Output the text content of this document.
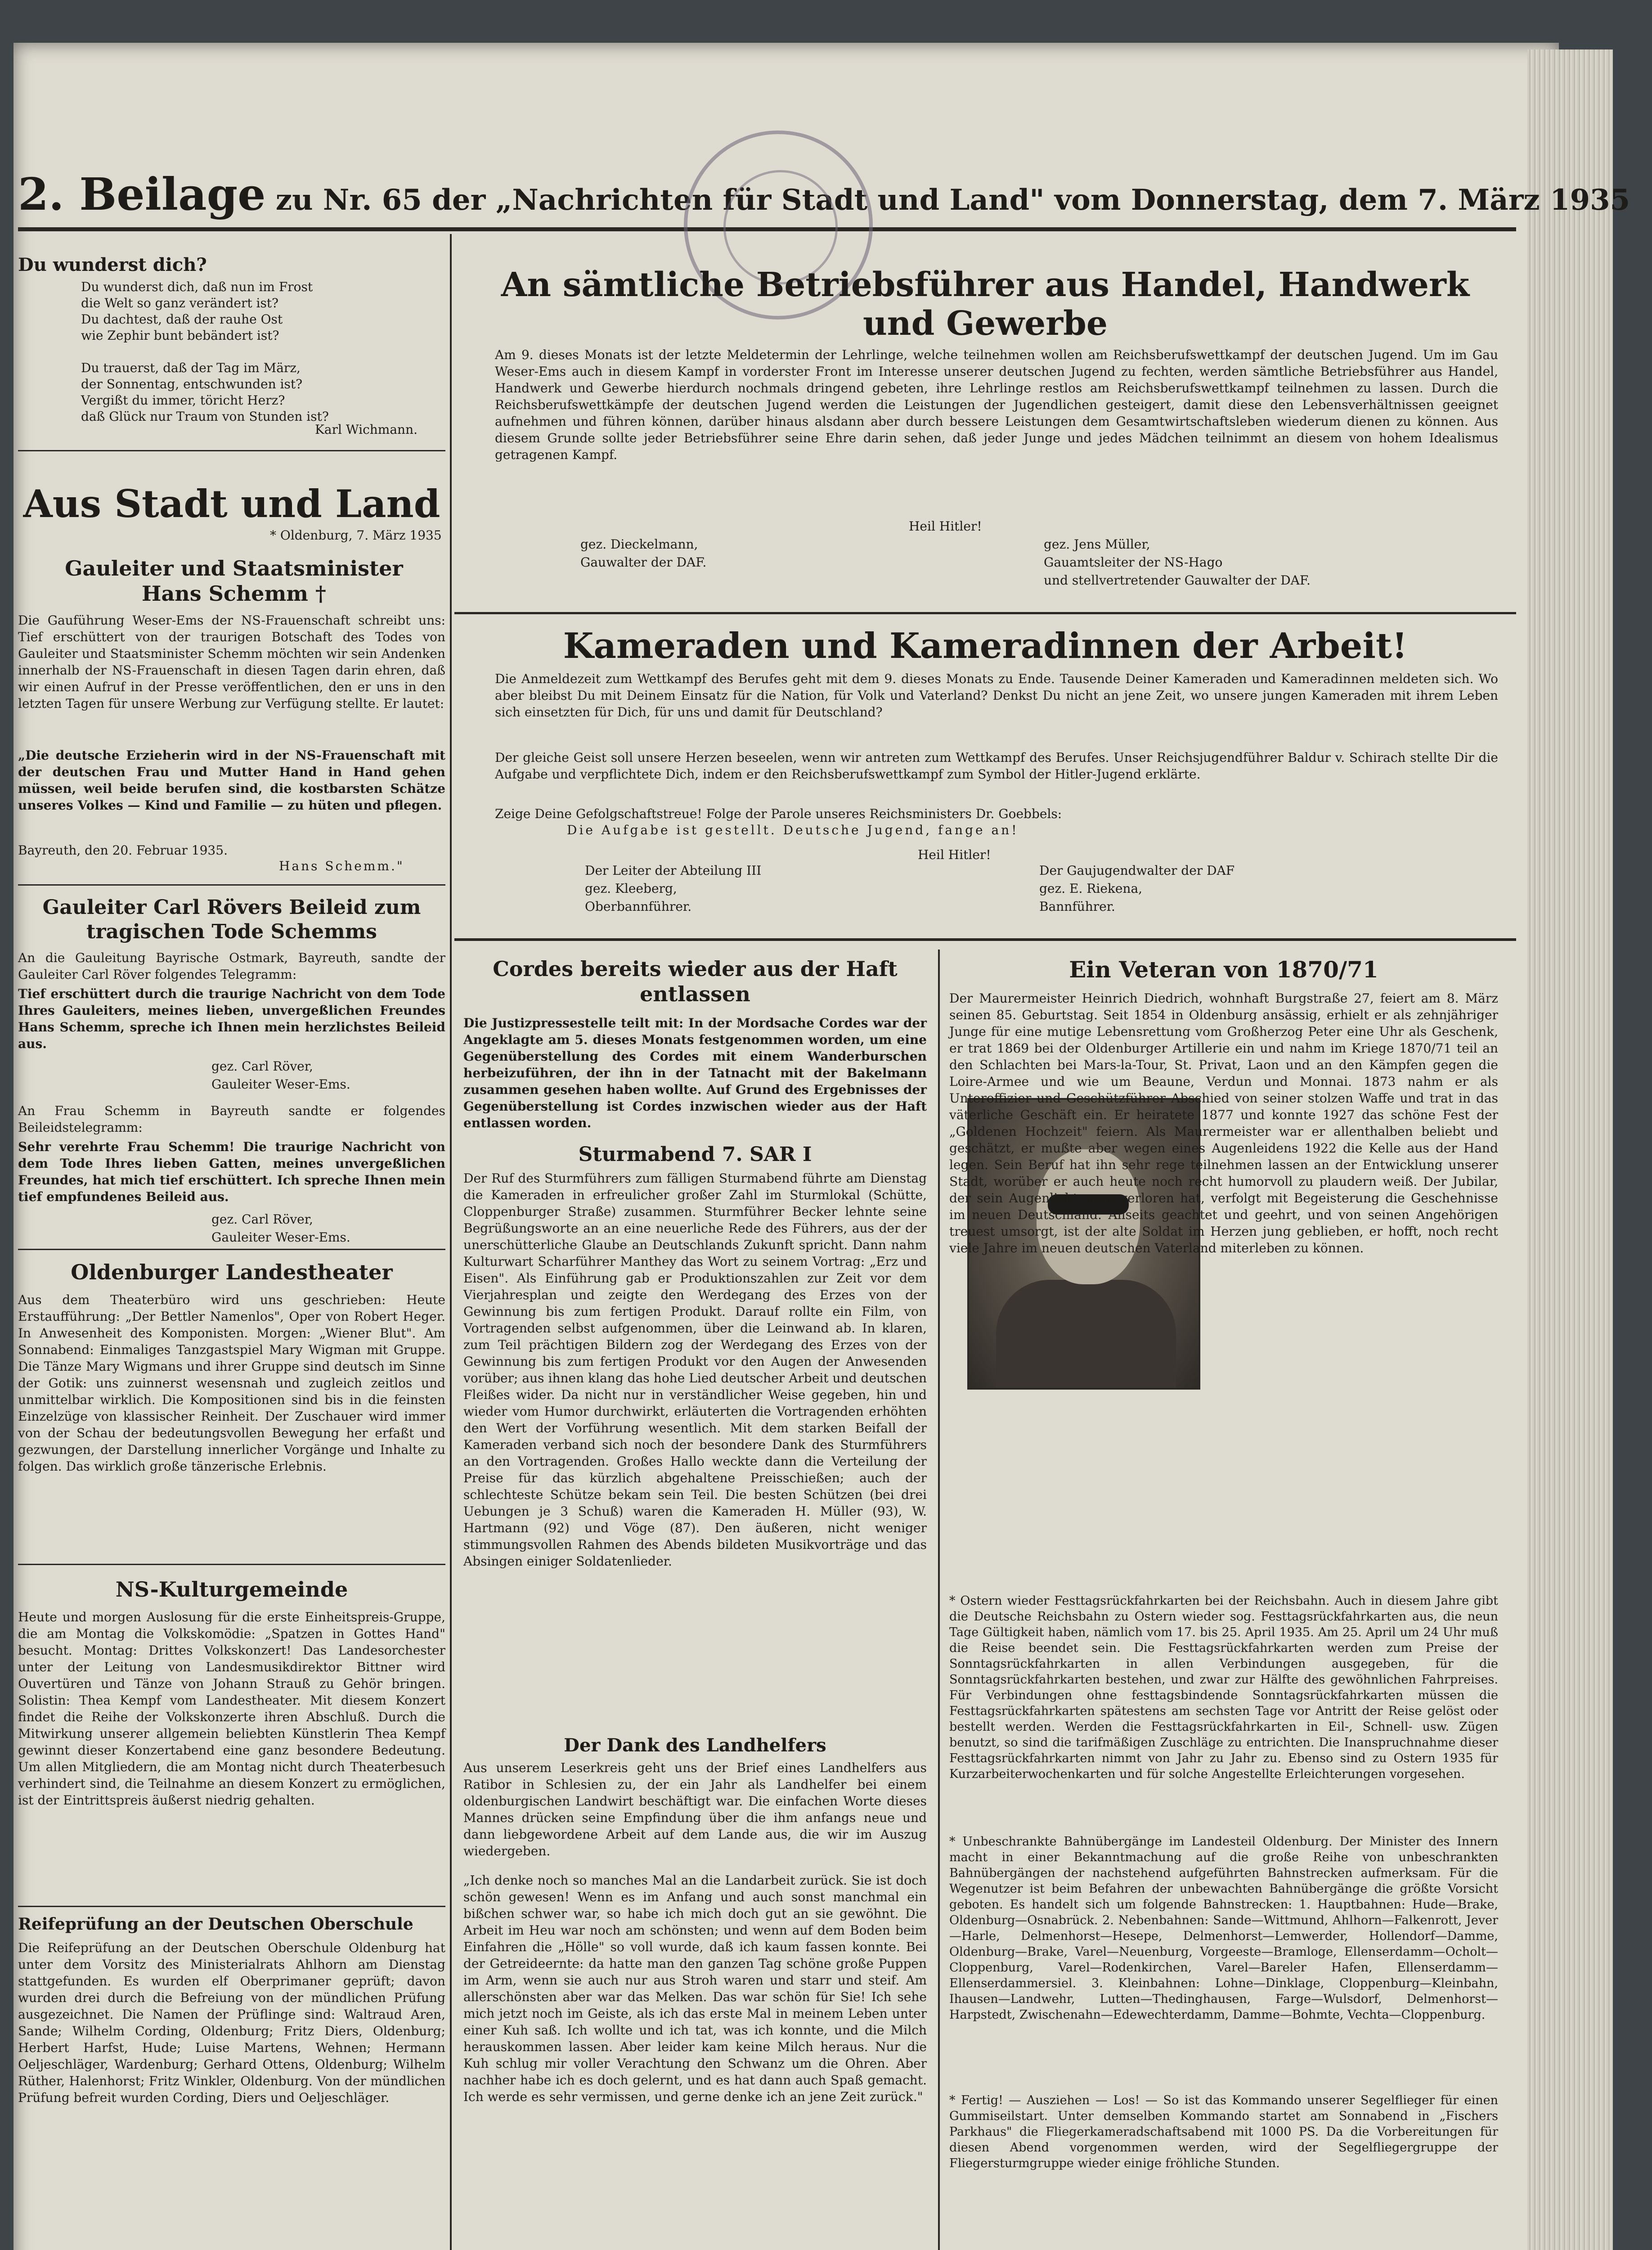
2. Beilage zu Nr. 65 der „Nachrichten für Stadt und Land" vom Donnerstag, dem 7. März 1935
Du wunderst dich?
Du wunderst dich, daß nun im Frost
die Welt so ganz verändert ist?
Du dachtest, daß der rauhe Ost
wie Zephir bunt bebändert ist?

Du trauerst, daß der Tag im März,
der Sonnentag, entschwunden ist?
Vergißt du immer, töricht Herz?
daß Glück nur Traum von Stunden ist?
Karl Wichmann.
Aus Stadt und Land
* Oldenburg, 7. März 1935
Gauleiter und Staatsminister Hans Schemm †

Die Gauführung Weser-Ems der NS-Frauenschaft schreibt uns: Tief erschüttert von der traurigen Botschaft des Todes von Gauleiter und Staatsminister Schemm möchten wir sein Andenken innerhalb der NS-Frauenschaft in diesen Tagen darin ehren, daß wir einen Aufruf in der Presse veröffentlichen, den er uns in den letzten Tagen für unsere Werbung zur Verfügung stellte. Er lautet:

„Die deutsche Erzieherin wird in der NS-Frauenschaft mit der deutschen Frau und Mutter Hand in Hand gehen müssen, weil beide berufen sind, die kostbarsten Schätze unseres Volkes — Kind und Familie — zu hüten und pflegen.

Bayreuth, den 20. Februar 1935.
Hans Schemm."
Gauleiter Carl Rövers Beileid zum tragischen Tode Schemms

An die Gauleitung Bayrische Ostmark, Bayreuth, sandte der Gauleiter Carl Röver folgendes Telegramm:

Tief erschüttert durch die traurige Nachricht von dem Tode Ihres Gauleiters, meines lieben, unvergeßlichen Freundes Hans Schemm, spreche ich Ihnen mein herzlichstes Beileid aus.

gez. Carl Röver,
Gauleiter Weser-Ems.

An Frau Schemm in Bayreuth sandte er folgendes Beileidstelegramm:

Sehr verehrte Frau Schemm! Die traurige Nachricht von dem Tode Ihres lieben Gatten, meines unvergeßlichen Freundes, hat mich tief erschüttert. Ich spreche Ihnen mein tief empfundenes Beileid aus.

gez. Carl Röver,
Gauleiter Weser-Ems.
Oldenburger Landestheater

Aus dem Theaterbüro wird uns geschrieben: Heute Erstaufführung: „Der Bettler Namenlos", Oper von Robert Heger. In Anwesenheit des Komponisten. Morgen: „Wiener Blut". Am Sonnabend: Einmaliges Tanzgastspiel Mary Wigman mit Gruppe. Die Tänze Mary Wigmans und ihrer Gruppe sind deutsch im Sinne der Gotik: uns zuinnerst wesensnah und zugleich zeitlos und unmittelbar wirklich. Die Kompositionen sind bis in die feinsten Einzelzüge von klassischer Reinheit. Der Zuschauer wird immer von der Schau der bedeutungsvollen Bewegung her erfaßt und gezwungen, der Darstellung innerlicher Vorgänge und Inhalte zu folgen. Das wirklich große tänzerische Erlebnis.

NS-Kulturgemeinde

Heute und morgen Auslosung für die erste Einheitspreis-Gruppe, die am Montag die Volkskomödie: „Spatzen in Gottes Hand" besucht. Montag: Drittes Volkskonzert! Das Landesorchester unter der Leitung von Landesmusikdirektor Bittner wird Ouvertüren und Tänze von Johann Strauß zu Gehör bringen. Solistin: Thea Kempf vom Landestheater. Mit diesem Konzert findet die Reihe der Volkskonzerte ihren Abschluß. Durch die Mitwirkung unserer allgemein beliebten Künstlerin Thea Kempf gewinnt dieser Konzertabend eine ganz besondere Bedeutung. Um allen Mitgliedern, die am Montag nicht durch Theaterbesuch verhindert sind, die Teilnahme an diesem Konzert zu ermöglichen, ist der Eintrittspreis äußerst niedrig gehalten.

Reifeprüfung an der Deutschen Oberschule

Die Reifeprüfung an der Deutschen Oberschule Oldenburg hat unter dem Vorsitz des Ministerialrats Ahlhorn am Dienstag stattgefunden. Es wurden elf Oberprimaner geprüft; davon wurden drei durch die Befreiung von der mündlichen Prüfung ausgezeichnet. Die Namen der Prüflinge sind: Waltraud Aren, Sande; Wilhelm Cording, Oldenburg; Fritz Diers, Oldenburg; Herbert Harfst, Hude; Luise Martens, Wehnen; Hermann Oeljeschläger, Wardenburg; Gerhard Ottens, Oldenburg; Wilhelm Rüther, Halenhorst; Fritz Winkler, Oldenburg. Von der mündlichen Prüfung befreit wurden Cording, Diers und Oeljeschläger.

An sämtliche Betriebsführer aus Handel, Handwerk und Gewerbe

Am 9. dieses Monats ist der letzte Meldetermin der Lehrlinge, welche teilnehmen wollen am Reichsberufswettkampf der deutschen Jugend. Um im Gau Weser-Ems auch in diesem Kampf in vorderster Front im Interesse unserer deutschen Jugend zu fechten, werden sämtliche Betriebsführer aus Handel, Handwerk und Gewerbe hierdurch nochmals dringend gebeten, ihre Lehrlinge restlos am Reichsberufswettkampf teilnehmen zu lassen. Durch die Reichsberufswettkämpfe der deutschen Jugend werden die Leistungen der Jugendlichen gesteigert, damit diese den Lebensverhältnissen geeignet aufnehmen und führen können, darüber hinaus alsdann aber durch bessere Leistungen dem Gesamtwirtschaftsleben wiederum dienen zu können. Aus diesem Grunde sollte jeder Betriebsführer seine Ehre darin sehen, daß jeder Junge und jedes Mädchen teilnimmt an diesem von hohem Idealismus getragenen Kampf.

Heil Hitler!
gez. Dieckelmann,
Gauwalter der DAF.
gez. Jens Müller,
Gauamtsleiter der NS-Hago
und stellvertretender Gauwalter der DAF.
Kameraden und Kameradinnen der Arbeit!

Die Anmeldezeit zum Wettkampf des Berufes geht mit dem 9. dieses Monats zu Ende. Tausende Deiner Kameraden und Kameradinnen meldeten sich. Wo aber bleibst Du mit Deinem Einsatz für die Nation, für Volk und Vaterland? Denkst Du nicht an jene Zeit, wo unsere jungen Kameraden mit ihrem Leben sich einsetzten für Dich, für uns und damit für Deutschland?

Der gleiche Geist soll unsere Herzen beseelen, wenn wir antreten zum Wettkampf des Berufes. Unser Reichsjugendführer Baldur v. Schirach stellte Dir die Aufgabe und verpflichtete Dich, indem er den Reichsberufswettkampf zum Symbol der Hitler-Jugend erklärte.

Zeige Deine Gefolgschaftstreue! Folge der Parole unseres Reichsministers Dr. Goebbels:

Die Aufgabe ist gestellt. Deutsche Jugend, fange an!
Heil Hitler!
Der Leiter der Abteilung III
gez. Kleeberg,
Oberbannführer.
Der Gaujugendwalter der DAF
gez. E. Riekena,
Bannführer.
Cordes bereits wieder aus der Haft entlassen

Die Justizpressestelle teilt mit: In der Mordsache Cordes war der Angeklagte am 5. dieses Monats festgenommen worden, um eine Gegenüberstellung des Cordes mit einem Wanderburschen herbeizuführen, der ihn in der Tatnacht mit der Bakelmann zusammen gesehen haben wollte. Auf Grund des Ergebnisses der Gegenüberstellung ist Cordes inzwischen wieder aus der Haft entlassen worden.

Sturmabend 7. SAR I

Der Ruf des Sturmführers zum fälligen Sturmabend führte am Dienstag die Kameraden in erfreulicher großer Zahl im Sturmlokal (Schütte, Cloppenburger Straße) zusammen. Sturmführer Becker lehnte seine Begrüßungsworte an an eine neuerliche Rede des Führers, aus der der unerschütterliche Glaube an Deutschlands Zukunft spricht. Dann nahm Kulturwart Scharführer Manthey das Wort zu seinem Vortrag: „Erz und Eisen". Als Einführung gab er Produktionszahlen zur Zeit vor dem Vierjahresplan und zeigte den Werdegang des Erzes von der Gewinnung bis zum fertigen Produkt. Darauf rollte ein Film, von Vortragenden selbst aufgenommen, über die Leinwand ab. In klaren, zum Teil prächtigen Bildern zog der Werdegang des Erzes von der Gewinnung bis zum fertigen Produkt vor den Augen der Anwesenden vorüber; aus ihnen klang das hohe Lied deutscher Arbeit und deutschen Fleißes wider. Da nicht nur in verständlicher Weise gegeben, hin und wieder vom Humor durchwirkt, erläuterten die Vortragenden erhöhten den Wert der Vorführung wesentlich. Mit dem starken Beifall der Kameraden verband sich noch der besondere Dank des Sturmführers an den Vortragenden. Großes Hallo weckte dann die Verteilung der Preise für das kürzlich abgehaltene Preisschießen; auch der schlechteste Schütze bekam sein Teil. Die besten Schützen (bei drei Uebungen je 3 Schuß) waren die Kameraden H. Müller (93), W. Hartmann (92) und Vöge (87). Den äußeren, nicht weniger stimmungsvollen Rahmen des Abends bildeten Musikvorträge und das Absingen einiger Soldatenlieder.

Der Dank des Landhelfers

Aus unserem Leserkreis geht uns der Brief eines Landhelfers aus Ratibor in Schlesien zu, der ein Jahr als Landhelfer bei einem oldenburgischen Landwirt beschäftigt war. Die einfachen Worte dieses Mannes drücken seine Empfindung über die ihm anfangs neue und dann liebgewordene Arbeit auf dem Lande aus, die wir im Auszug wiedergeben.

„Ich denke noch so manches Mal an die Landarbeit zurück. Sie ist doch schön gewesen! Wenn es im Anfang und auch sonst manchmal ein bißchen schwer war, so habe ich mich doch gut an sie gewöhnt. Die Arbeit im Heu war noch am schönsten; und wenn auf dem Boden beim Einfahren die „Hölle" so voll wurde, daß ich kaum fassen konnte. Bei der Getreideernte: da hatte man den ganzen Tag schöne große Puppen im Arm, wenn sie auch nur aus Stroh waren und starr und steif. Am allerschönsten aber war das Melken. Das war schön für Sie! Ich sehe mich jetzt noch im Geiste, als ich das erste Mal in meinem Leben unter einer Kuh saß. Ich wollte und ich tat, was ich konnte, und die Milch herauskommen lassen. Aber leider kam keine Milch heraus. Nur die Kuh schlug mir voller Verachtung den Schwanz um die Ohren. Aber nachher habe ich es doch gelernt, und es hat dann auch Spaß gemacht. Ich werde es sehr vermissen, und gerne denke ich an jene Zeit zurück."

Ein Veteran von 1870/71

Der Maurermeister Heinrich Diedrich, wohnhaft Burgstraße 27, feiert am 8. März seinen 85. Geburtstag. Seit 1854 in Oldenburg ansässig, erhielt er als zehnjähriger Junge für eine mutige Lebensrettung vom Großherzog Peter eine Uhr als Geschenk, er trat 1869 bei der Oldenburger Artillerie ein und nahm im Kriege 1870/71 teil an den Schlachten bei Mars-la-Tour, St. Privat, Laon und an den Kämpfen gegen die Loire-Armee und wie um Beaune, Verdun und Monnai. 1873 nahm er als Unteroffizier und Geschützführer Abschied von seiner stolzen Waffe und trat in das väterliche Geschäft ein. Er heiratete 1877 und konnte 1927 das schöne Fest der „Goldenen Hochzeit" feiern. Als Maurermeister war er allenthalben beliebt und geschätzt, er mußte aber wegen eines Augenleidens 1922 die Kelle aus der Hand legen. Sein Beruf hat ihn sehr rege teilnehmen lassen an der Entwicklung unserer Stadt, worüber er auch heute noch recht humorvoll zu plaudern weiß. Der Jubilar, der sein Augenlicht ganz verloren hat, verfolgt mit Begeisterung die Geschehnisse im neuen Deutschland. Allseits geachtet und geehrt, und von seinen Angehörigen treuest umsorgt, ist der alte Soldat im Herzen jung geblieben, er hofft, noch recht viele Jahre im neuen deutschen Vaterland miterleben zu können.

* Ostern wieder Festtagsrückfahrkarten bei der Reichsbahn. Auch in diesem Jahre gibt die Deutsche Reichsbahn zu Ostern wieder sog. Festtagsrückfahrkarten aus, die neun Tage Gültigkeit haben, nämlich vom 17. bis 25. April 1935. Am 25. April um 24 Uhr muß die Reise beendet sein. Die Festtagsrückfahrkarten werden zum Preise der Sonntagsrückfahrkarten in allen Verbindungen ausgegeben, für die Sonntagsrückfahrkarten bestehen, und zwar zur Hälfte des gewöhnlichen Fahrpreises. Für Verbindungen ohne festtagsbindende Sonntagsrückfahrkarten müssen die Festtagsrückfahrkarten spätestens am sechsten Tage vor Antritt der Reise gelöst oder bestellt werden. Werden die Festtagsrückfahrkarten in Eil-, Schnell- usw. Zügen benutzt, so sind die tarifmäßigen Zuschläge zu entrichten. Die Inanspruchnahme dieser Festtagsrückfahrkarten nimmt von Jahr zu Jahr zu. Ebenso sind zu Ostern 1935 für Kurzarbeiterwochenkarten und für solche Angestellte Erleichterungen vorgesehen.

* Unbeschrankte Bahnübergänge im Landesteil Oldenburg. Der Minister des Innern macht in einer Bekanntmachung auf die große Reihe von unbeschrankten Bahnübergängen der nachstehend aufgeführten Bahnstrecken aufmerksam. Für die Wegenutzer ist beim Befahren der unbewachten Bahnübergänge die größte Vorsicht geboten. Es handelt sich um folgende Bahnstrecken: 1. Hauptbahnen: Hude—Brake, Oldenburg—Osnabrück. 2. Nebenbahnen: Sande—Wittmund, Ahlhorn—Falkenrott, Jever—Harle, Delmenhorst—Hesepe, Delmenhorst—Lemwerder, Hollendorf—Damme, Oldenburg—Brake, Varel—Neuenburg, Vorgeeste—Bramloge, Ellenserdamm—Ocholt—Cloppenburg, Varel—Rodenkirchen, Varel—Bareler Hafen, Ellenserdamm—Ellenserdammersiel. 3. Kleinbahnen: Lohne—Dinklage, Cloppenburg—Kleinbahn, Ihausen—Landwehr, Lutten—Thedinghausen, Farge—Wulsdorf, Delmenhorst—Harpstedt, Zwischenahn—Edewechterdamm, Damme—Bohmte, Vechta—Cloppenburg.

* Fertig! — Ausziehen — Los! — So ist das Kommando unserer Segelflieger für einen Gummiseilstart. Unter demselben Kommando startet am Sonnabend in „Fischers Parkhaus" die Fliegerkameradschaftsabend mit 1000 PS. Da die Vorbereitungen für diesen Abend vorgenommen werden, wird der Segelfliegergruppe der Fliegersturmgruppe wieder einige fröhliche Stunden.
